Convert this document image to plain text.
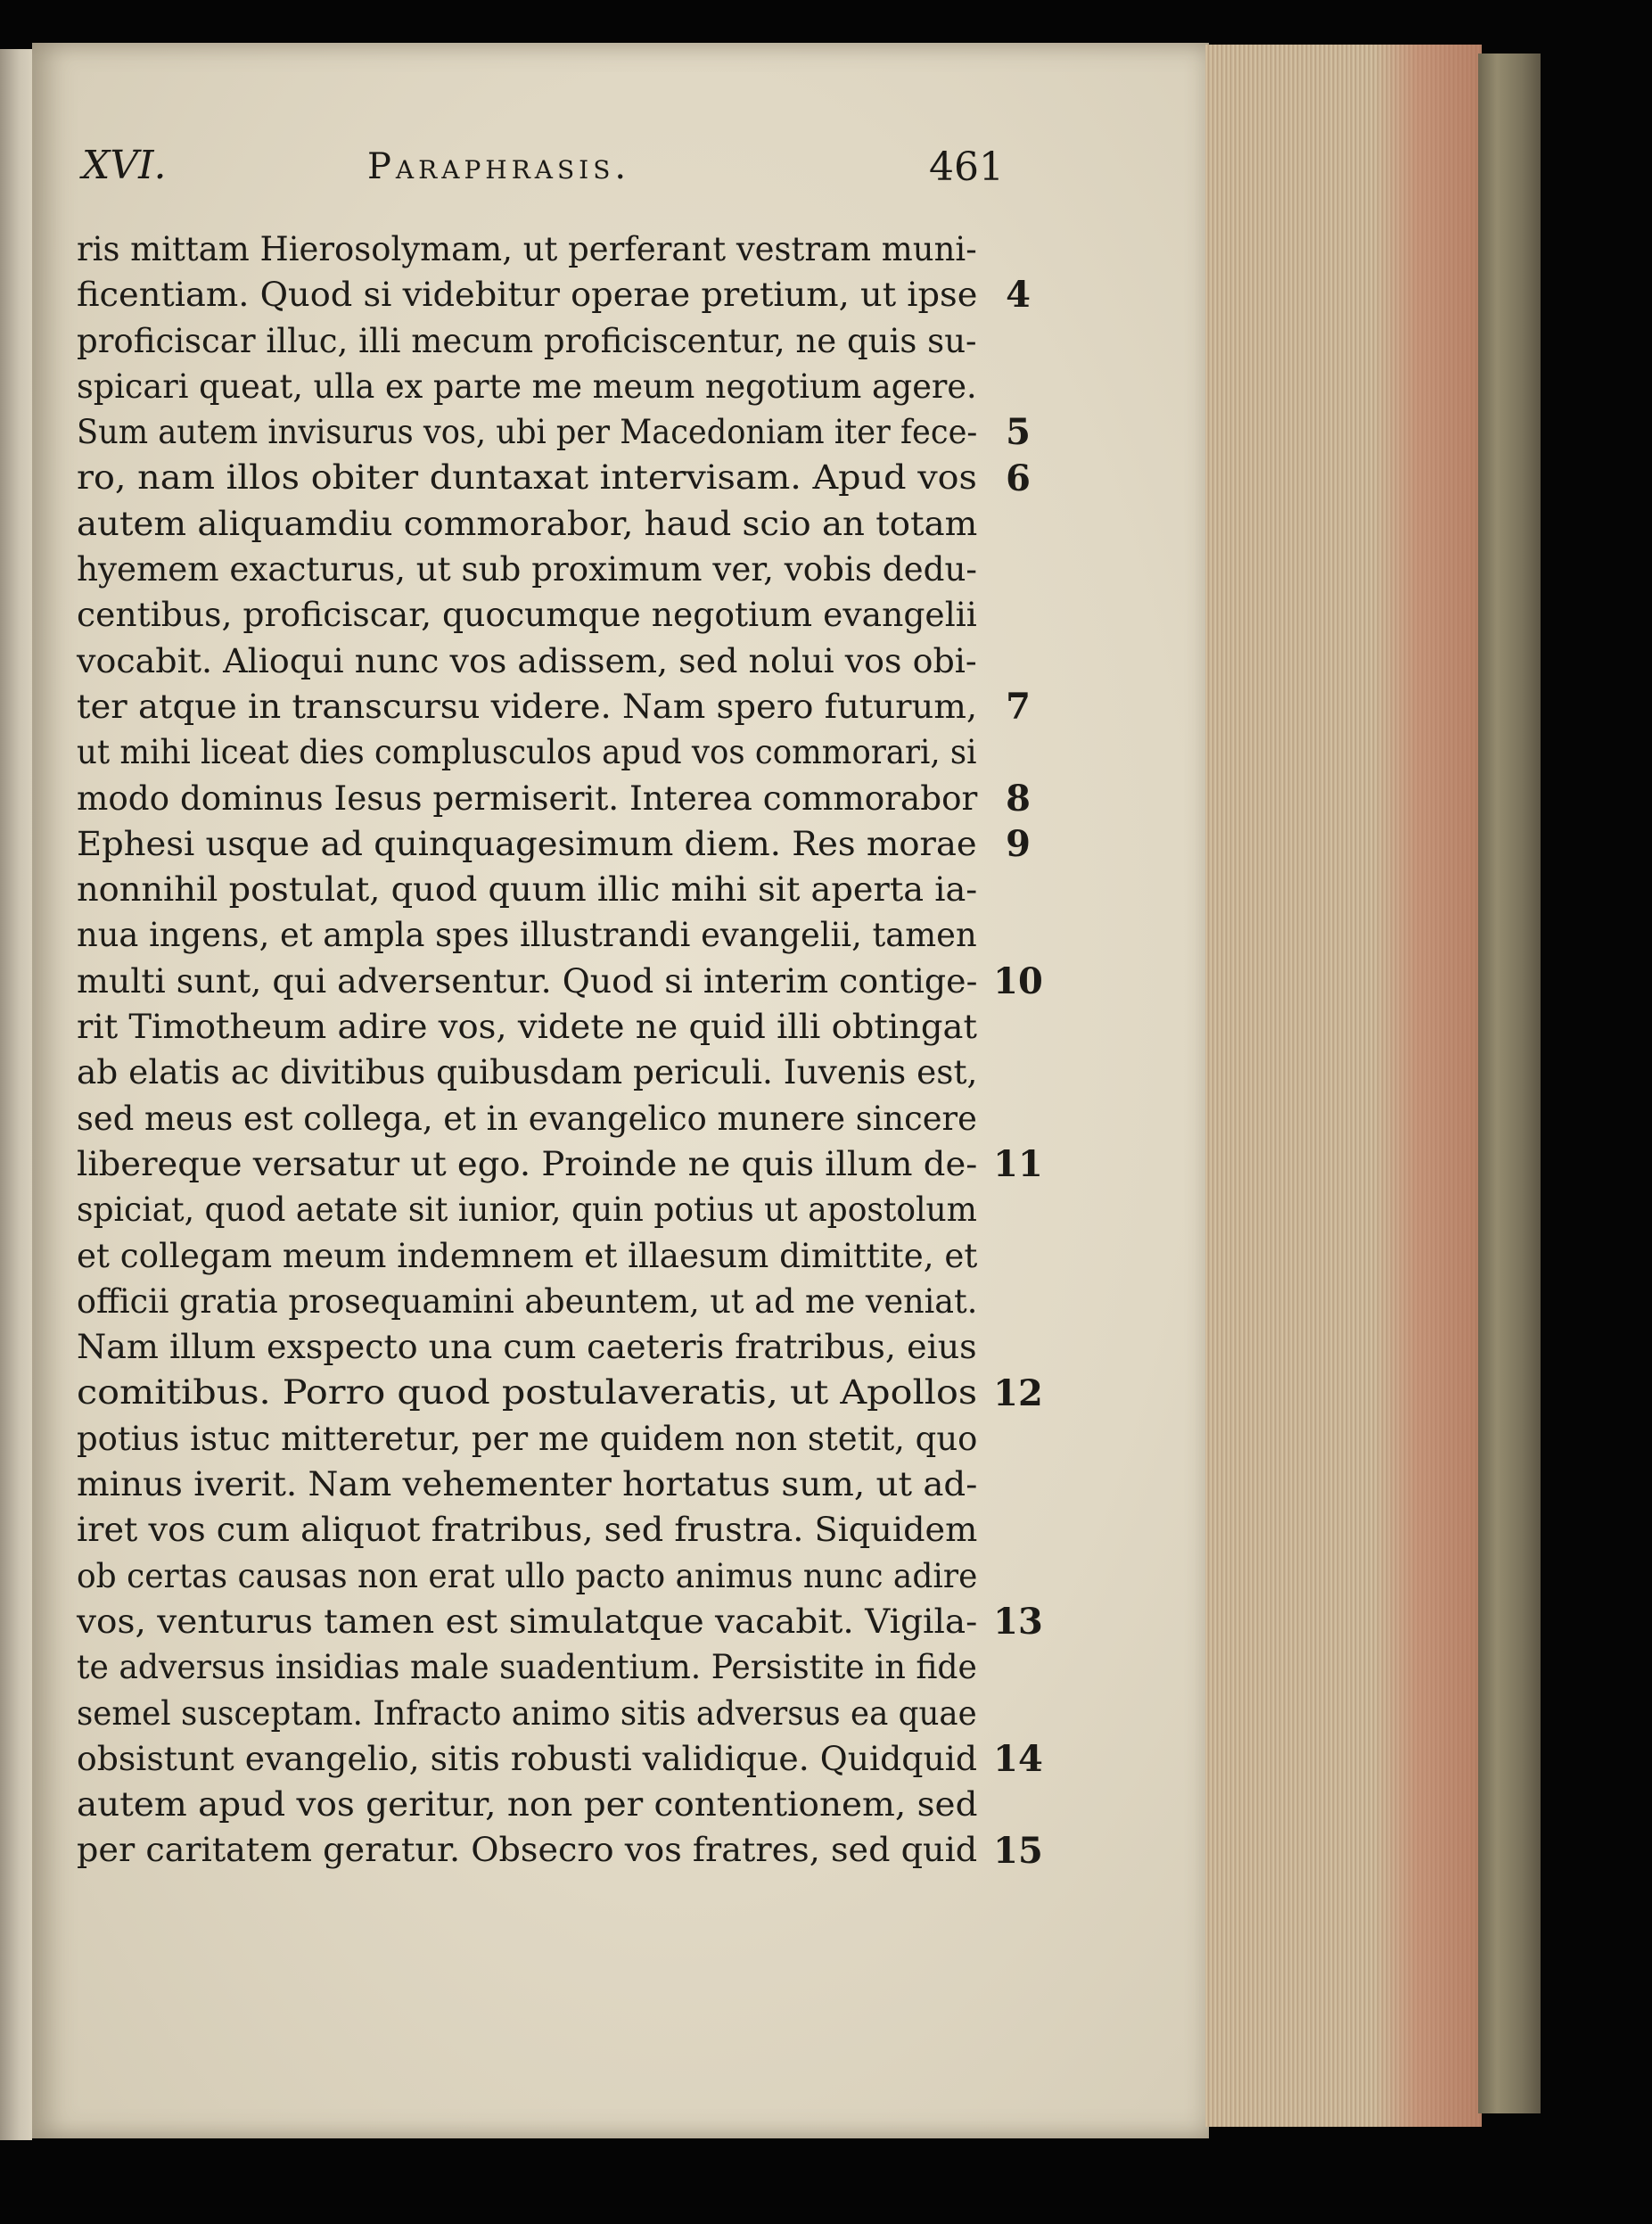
XVI.	Paraphrasis.	461
ris mittam Hierosolymam, ut perferant vestram muni-
ficentiam. Quod si videbitur operae pretium, ut ipse
proficiscar illuc, illi mecum proficiscentur, ne quis su-
spicari queat, ulla ex parte me meum negotium agere.
Sum autem invisurus vos, ubi per Macedoniam iter fece-
ro, nam illos obiter duntaxat intervisam. Apud vos
autem aliquamdiu commorabor, haud scio an totam
hyemem exacturus, ut sub proximum ver, vobis dedu-
centibus, proficiscar, quocumque negotium evangelii
vocabit. Alioqui nunc vos adissem, sed nolui vos obi-
ter atque in transcursu videre. Nam spero futurum,
ut mihi liceat dies complusculos apud vos commorari, si
modo dominus Iesus permiserit. Interea commorabor
Ephesi usque ad quinquagesimum diem. Res morae
nonnihil postulat, quod quum illic mihi sit aperta ia-
nua ingens, et ampla spes illustrandi evangelii, tamen
multi sunt, qui adversentur. Quod si interim contige-
rit Timotheum adire vos, videte ne quid illi obtingat
ab elatis ac divitibus quibusdam periculi. Iuvenis est,
sed meus est collega, et in evangelico munere sincere
libereque versatur ut ego. Proinde ne quis illum de-
spiciat, quod aetate sit iunior, quin potius ut apostolum
et collegam meum indemnem et illaesum dimittite, et
officii gratia prosequamini abeuntem, ut ad me veniat.
Nam illum exspecto una cum caeteris fratribus, eius
comitibus. Porro quod postulaveratis, ut Apollos
potius istuc mitteretur, per me quidem non stetit, quo
minus iverit. Nam vehementer hortatus sum, ut ad-
iret vos cum aliquot fratribus, sed frustra. Siquidem
ob certas causas non erat ullo pacto animus nunc adire
vos, venturus tamen est simulatque vacabit. Vigila-
te adversus insidias male suadentium. Persistite in fide
semel susceptam. Infracto animo sitis adversus ea quae
obsistunt evangelio, sitis robusti validique. Quidquid
autem apud vos geritur, non per contentionem, sed
per caritatem geratur. Obsecro vos fratres, sed quid
4
5
6
7
8
9
10
11
12
13
14
15
